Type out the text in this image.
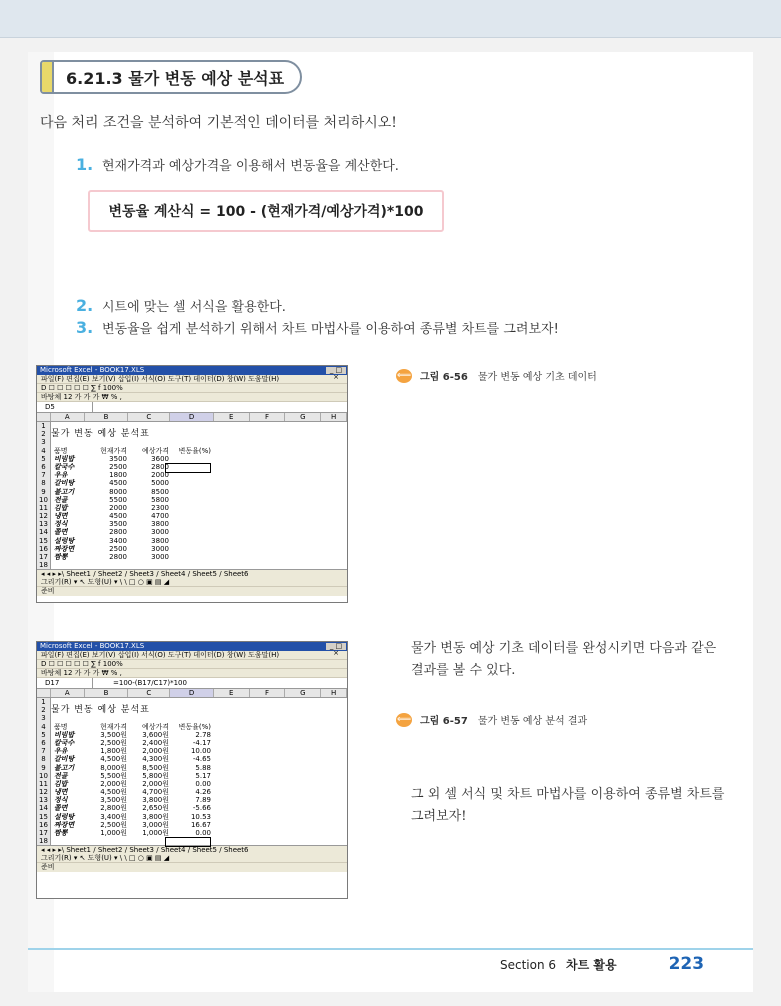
6.21.3 물가 변동 예상 분석표
다음 처리 조건을 분석하여 기본적인 데이터를 처리하시오!
1. 현재가격과 예상가격을 이용해서 변동율을 계산한다.
변동율 계산식 = 100 - (현재가격/예상가격)*100
2. 시트에 맞는 셀 서식을 활용한다.
3. 변동율을 쉽게 분석하기 위해서 차트 마법사를 이용하여 종류별 차트를 그려보자!
Microsoft Excel - BOOK17.XLS	_ □ ×
파일(F) 편집(E) 보기(V) 삽입(I) 서식(O) 도구(T) 데이터(D) 창(W) 도움말(H)
D ☐ ☐ ☐ ☐ ☐ ∑ f 100%
바탕체 12 가 가 가 ₩ % ,
D5
A	B	C	D	E	F	G	H
1
2 물가 변동 예상 분석표
3
4	품명	현재가격	예상가격	변동율(%)
5	비빔밥	3500	3600
6	칼국수	2500	2800
7	우유	1800	2000
8	갈비탕	4500	5000
9	불고기	8000	8500
10 전골	5500	5800
11 김밥	2000	2300
12 냉면	4500	4700
13 정식	3500	3800
14 쫄면	2800	3000
15 설렁탕	3400	3800
16 짜장면	2500	3000
17 짬뽕	2800	3000
18
◂ ◂ ▸ ▸\ Sheet1 / Sheet2 / Sheet3 / Sheet4 / Sheet5 / Sheet6
그리기(R) ▾ ↖ 도형(U) ▾ \ \ □ ○ ▣ ▤ ◢
준비
Microsoft Excel - BOOK17.XLS	_ □ ×
파일(F) 편집(E) 보기(V) 삽입(I) 서식(O) 도구(T) 데이터(D) 창(W) 도움말(H)
D ☐ ☐ ☐ ☐ ☐ ∑ f 100%
바탕체 12 가 가 가 ₩ % ,
D17	=100-(B17/C17)*100
A	B	C	D	E	F	G	H
1
2 물가 변동 예상 분석표
3
4	품명	현재가격	예상가격	변동율(%)
5	비빔밥	3,500원	3,600원	2.78
6	칼국수	2,500원	2,400원	-4.17
7	우유	1,800원	2,000원	10.00
8	갈비탕	4,500원	4,300원	-4.65
9	불고기	8,000원	8,500원	5.88
10 전골	5,500원	5,800원	5.17
11 김밥	2,000원	2,000원	0.00
12 냉면	4,500원	4,700원	4.26
13 정식	3,500원	3,800원	7.89
14 쫄면	2,800원	2,650원	-5.66
15 설렁탕	3,400원	3,800원	10.53
16 짜장면	2,500원	3,000원	16.67
17 짬뽕	1,000원	1,000원	0.00
18
◂ ◂ ▸ ▸\ Sheet1 / Sheet2 / Sheet3 / Sheet4 / Sheet5 / Sheet6
그리기(R) ▾ ↖ 도형(U) ▾ \ \ □ ○ ▣ ▤ ◢
준비
⟸ 그림 6-56 물가 변동 예상 기초 데이터
물가 변동 예상 기초 데이터를 완성시키면 다음과 같은 결과를 볼 수 있다.
⟸ 그림 6-57 물가 변동 예상 분석 결과
그 외 셀 서식 및 차트 마법사를 이용하여 종류별 차트를 그려보자!
Section 6 차트 활용	223
